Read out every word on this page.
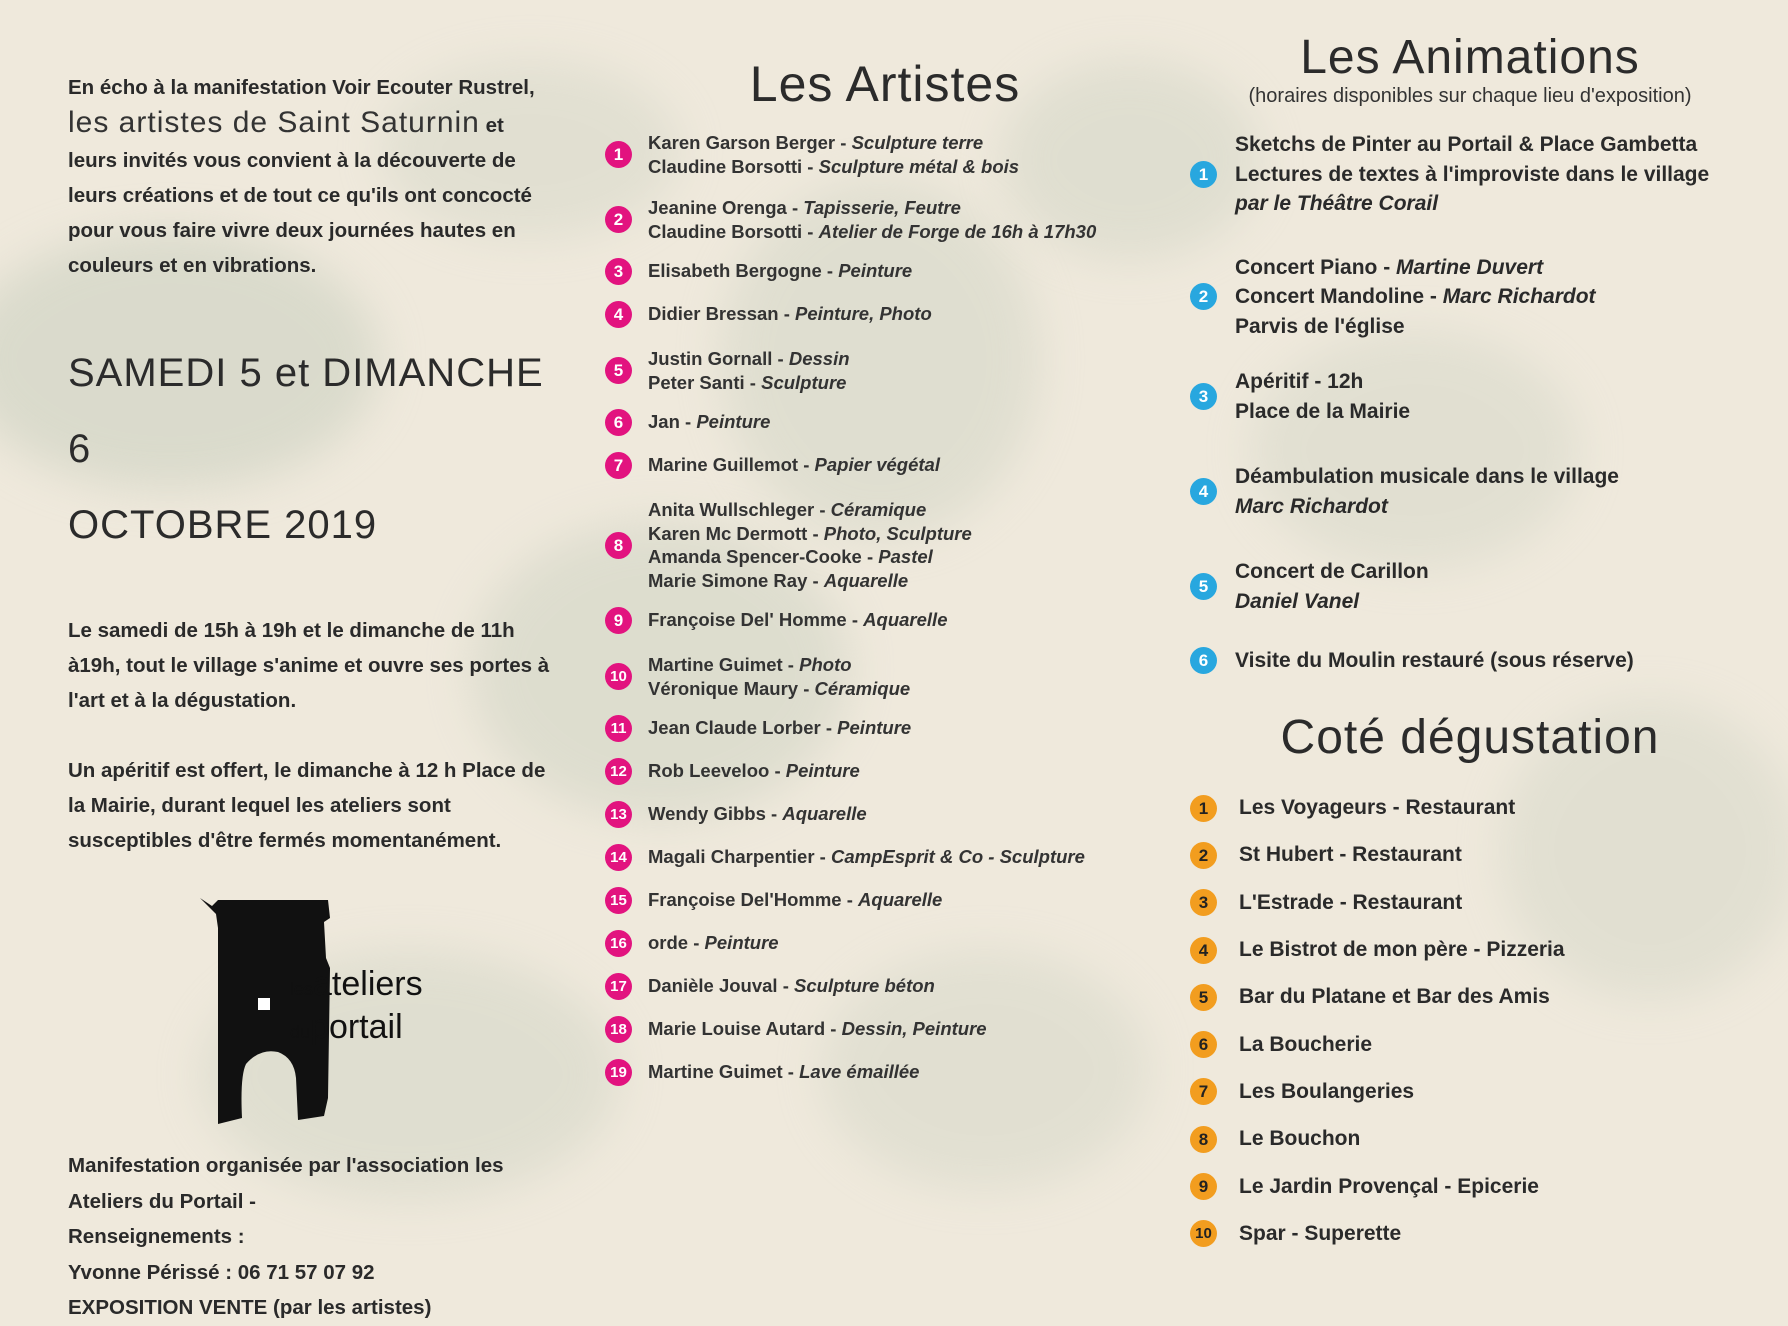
En écho à la manifestation Voir Ecouter Rustrel,
les artistes de Saint Saturnin et
leurs invités vous convient à la découverte de leurs créations et de tout ce qu'ils ont concocté pour vous faire vivre deux journées hautes en couleurs et en vibrations.
SAMEDI 5 et DIMANCHE 6
OCTOBRE 2019
Le samedi de 15h à 19h et le dimanche de 11h à19h, tout le village s'anime et ouvre ses portes à l'art et à la dégustation.
Un apéritif est offert, le dimanche à 12 h Place de la Mairie, durant lequel les ateliers sont susceptibles d'être fermés momentanément.
lesateliers
duportail
Manifestation organisée par l'association les
Ateliers du Portail -
Renseignements :
Yvonne Périssé : 06 71 57 07 92
EXPOSITION VENTE (par les artistes)
Les Artistes
1
Karen Garson Berger - Sculpture terre
Claudine Borsotti - Sculpture métal & bois
2
Jeanine Orenga - Tapisserie, Feutre
Claudine Borsotti - Atelier de Forge de 16h à 17h30
3	Elisabeth Bergogne - Peinture
4	Didier Bressan - Peinture, Photo
5
Justin Gornall - Dessin
Peter Santi - Sculpture
6	Jan - Peinture
7	Marine Guillemot - Papier végétal
8
Anita Wullschleger - Céramique
Karen Mc Dermott - Photo, Sculpture
Amanda Spencer-Cooke - Pastel
Marie Simone Ray - Aquarelle
9	Françoise Del' Homme - Aquarelle
10
Martine Guimet - Photo
Véronique Maury - Céramique
11	Jean Claude Lorber - Peinture
12 Rob Leeveloo - Peinture
13 Wendy Gibbs - Aquarelle
14 Magali Charpentier - CampEsprit & Co - Sculpture
15 Françoise Del'Homme - Aquarelle
16 orde - Peinture
17 Danièle Jouval - Sculpture béton
18 Marie Louise Autard - Dessin, Peinture
19 Martine Guimet - Lave émaillée
Les Animations
(horaires disponibles sur chaque lieu d'exposition)
1
Sketchs de Pinter au Portail & Place Gambetta
Lectures de textes à l'improviste dans le village
par le Théâtre Corail
2
Concert Piano - Martine Duvert
Concert Mandoline - Marc Richardot
Parvis de l'église
3
Apéritif - 12h
Place de la Mairie
4
Déambulation musicale dans le village
Marc Richardot
5
Concert de Carillon
Daniel Vanel
6	Visite du Moulin restauré (sous réserve)
Coté dégustation
1	Les Voyageurs - Restaurant
2	St Hubert - Restaurant
3	L'Estrade - Restaurant
4	Le Bistrot de mon père - Pizzeria
5	Bar du Platane et Bar des Amis
6	La Boucherie
7	Les Boulangeries
8	Le Bouchon
9	Le Jardin Provençal - Epicerie
10 Spar - Superette
